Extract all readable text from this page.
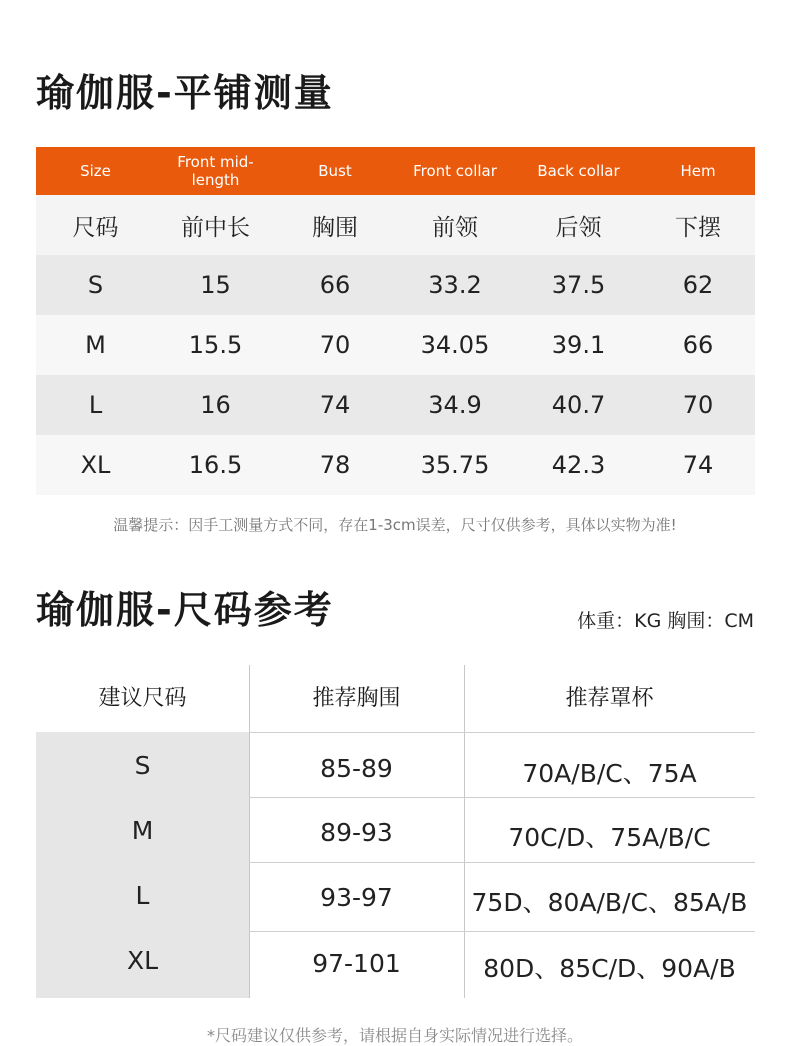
瑜伽服-平铺测量
Size	Front mid-length	Bust	Front collar	Back collar	Hem
尺码	前中长	胸围	前领	后领	下摆
S	15	66	33.2	37.5	62
M	15.5	70	34.05	39.1	66
L	16	74	34.9	40.7	70
XL	16.5	78	35.75	42.3	74
温馨提示：因手工测量方式不同，存在1-3cm误差，尺寸仅供参考，具体以实物为准!
瑜伽服-尺码参考	体重：KG 胸围：CM
建议尺码	推荐胸围	推荐罩杯
S	85-89	70A/B/C、75A
M	89-93	70C/D、75A/B/C
L	93-97	75D、80A/B/C、85A/B
XL	97-101	80D、85C/D、90A/B
*尺码建议仅供参考，请根据自身实际情况进行选择。
